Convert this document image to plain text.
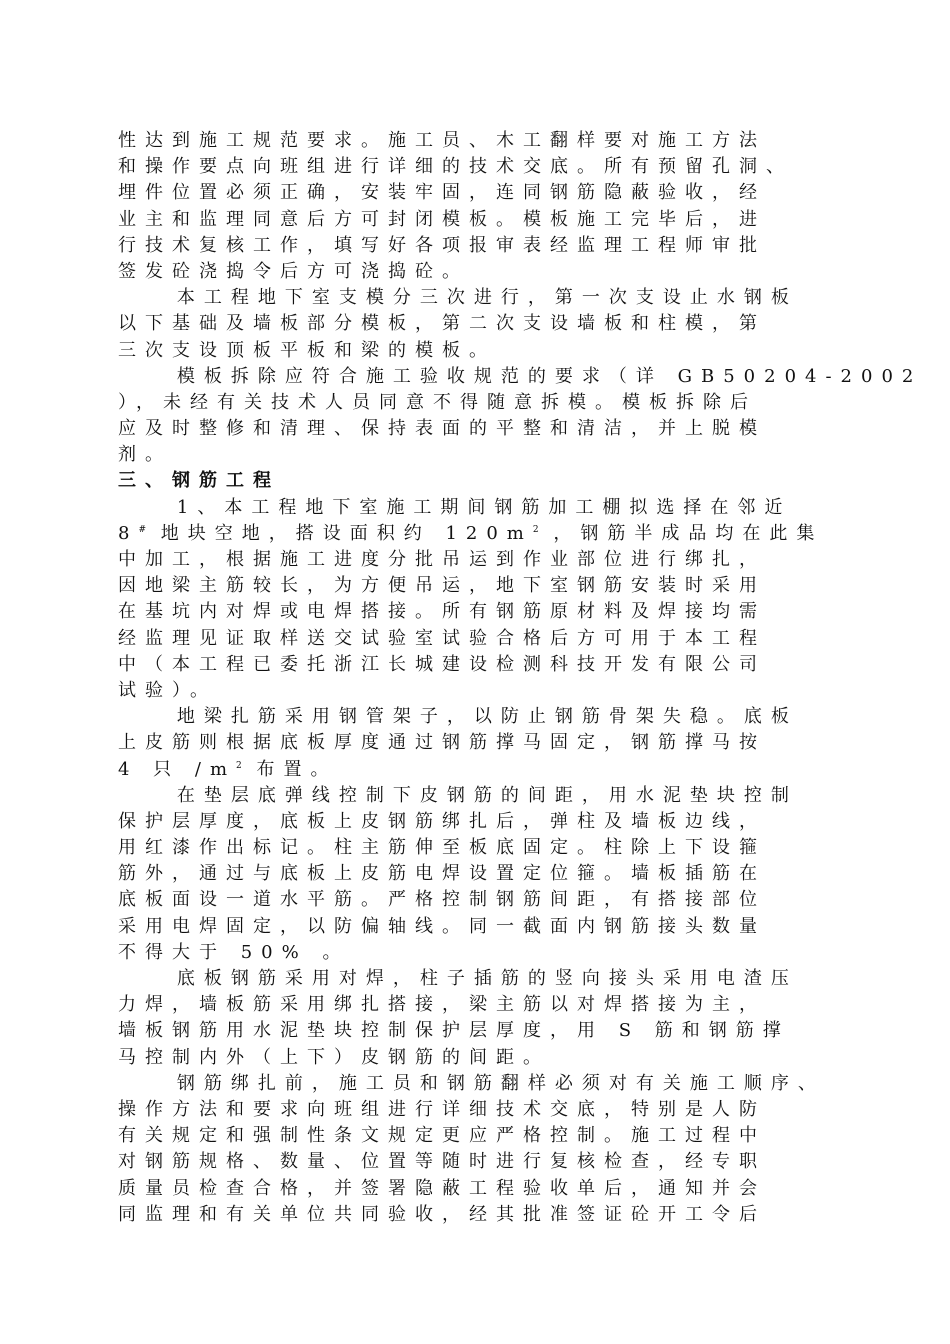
性达到施工规范要求。施工员、木工翻样要对施工方法
和操作要点向班组进行详细的技术交底。所有预留孔洞、
埋件位置必须正确，安装牢固，连同钢筋隐蔽验收，经
业主和监理同意后方可封闭模板。模板施工完毕后，进
行技术复核工作，填写好各项报审表经监理工程师审批
签发砼浇捣令后方可浇捣砼。
本工程地下室支模分三次进行，第一次支设止水钢板
以下基础及墙板部分模板，第二次支设墙板和柱模，第
三次支设顶板平板和梁的模板。
模板拆除应符合施工验收规范的要求（详 GB50204-2002
），未经有关技术人员同意不得随意拆模。模板拆除后
应及时整修和清理、保持表面的平整和清洁，并上脱模
剂。
三、钢筋工程
1、本工程地下室施工期间钢筋加工棚拟选择在邻近
8# 地块空地，搭设面积约 $120m^2$ ，钢筋半成品均在此集
中加工，根据施工进度分批吊运到作业部位进行绑扎，
因地梁主筋较长，为方便吊运，地下室钢筋安装时采用
在基坑内对焊或电焊搭接。所有钢筋原材料及焊接均需
经监理见证取样送交试验室试验合格后方可用于本工程
中（本工程已委托浙江长城建设检测科技开发有限公司
试验）。
地梁扎筋采用钢管架子，以防止钢筋骨架失稳。底板
上皮筋则根据底板厚度通过钢筋撑马固定，钢筋撑马按
4 只 $/m^2$ 布置。
在垫层底弹线控制下皮钢筋的间距，用水泥垫块控制
保护层厚度，底板上皮钢筋绑扎后，弹柱及墙板边线，
用红漆作出标记。柱主筋伸至板底固定。柱除上下设箍
筋外，通过与底板上皮筋电焊设置定位箍。墙板插筋在
底板面设一道水平筋。严格控制钢筋间距，有搭接部位
采用电焊固定，以防偏轴线。同一截面内钢筋接头数量
不得大于 50% 。
底板钢筋采用对焊，柱子插筋的竖向接头采用电渣压
力焊，墙板筋采用绑扎搭接，梁主筋以对焊搭接为主，
墙板钢筋用水泥垫块控制保护层厚度，用 S 筋和钢筋撑
马控制内外（上下）皮钢筋的间距。
钢筋绑扎前，施工员和钢筋翻样必须对有关施工顺序、
操作方法和要求向班组进行详细技术交底，特别是人防
有关规定和强制性条文规定更应严格控制。施工过程中
对钢筋规格、数量、位置等随时进行复核检查，经专职
质量员检查合格，并签署隐蔽工程验收单后，通知并会
同监理和有关单位共同验收，经其批准签证砼开工令后
